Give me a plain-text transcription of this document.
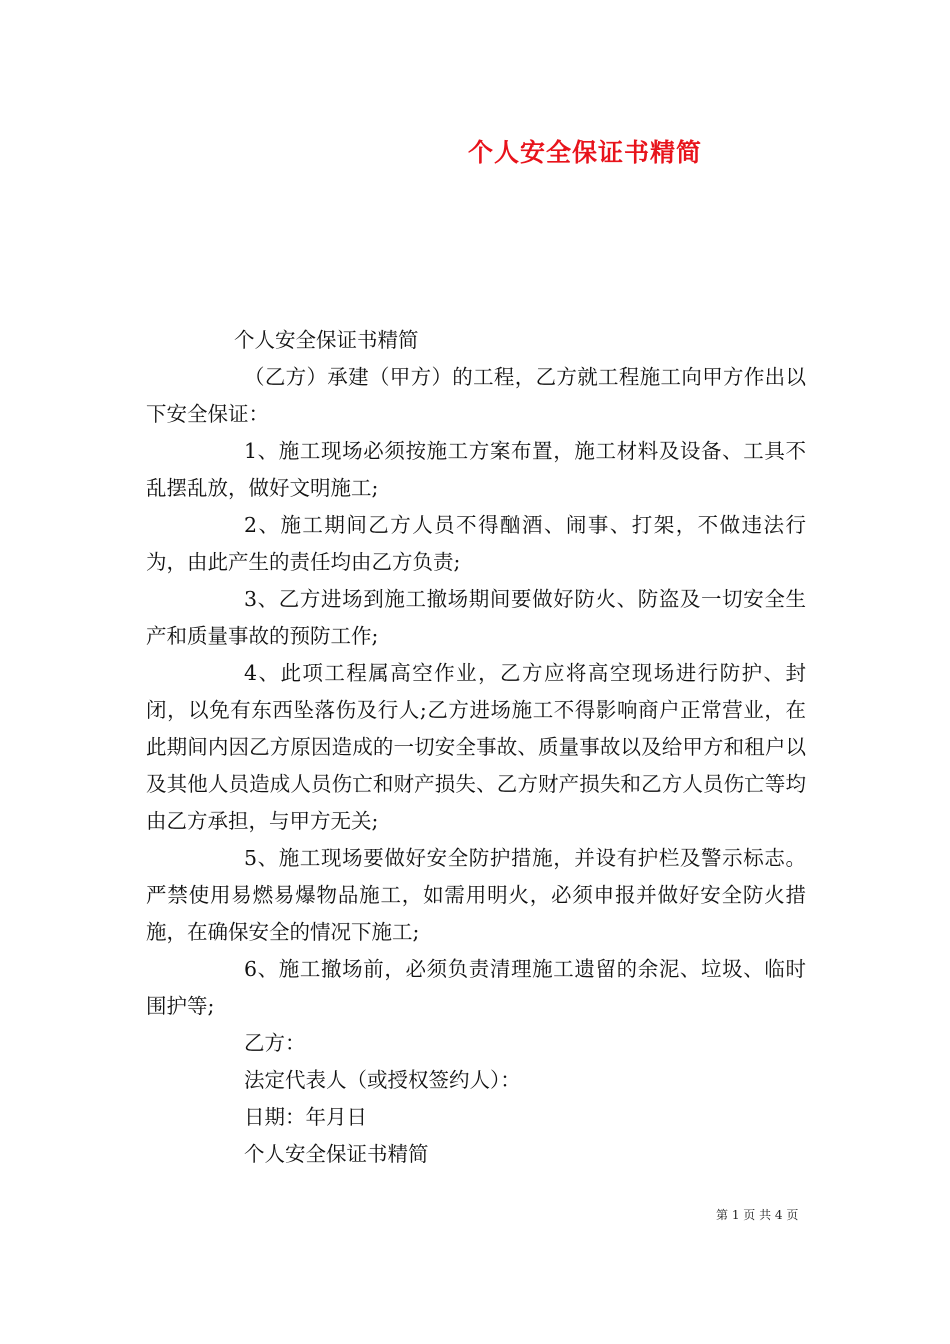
个人安全保证书精简

个人安全保证书精简

（乙方）承建（甲方）的工程，乙方就工程施工向甲方作出以下安全保证：

1、施工现场必须按施工方案布置，施工材料及设备、工具不乱摆乱放，做好文明施工;

2、施工期间乙方人员不得酗酒、闹事、打架，不做违法行为，由此产生的责任均由乙方负责;

3、乙方进场到施工撤场期间要做好防火、防盗及一切安全生产和质量事故的预防工作;

4、此项工程属高空作业，乙方应将高空现场进行防护、封闭，以免有东西坠落伤及行人;乙方进场施工不得影响商户正常营业，在此期间内因乙方原因造成的一切安全事故、质量事故以及给甲方和租户以及其他人员造成人员伤亡和财产损失、乙方财产损失和乙方人员伤亡等均由乙方承担，与甲方无关;

5、施工现场要做好安全防护措施，并设有护栏及警示标志。严禁使用易燃易爆物品施工，如需用明火，必须申报并做好安全防火措施，在确保安全的情况下施工;

6、施工撤场前，必须负责清理施工遗留的余泥、垃圾、临时围护等;

乙方：

法定代表人（或授权签约人）：

日期：年月日

个人安全保证书精简

第 1 页 共 4 页
